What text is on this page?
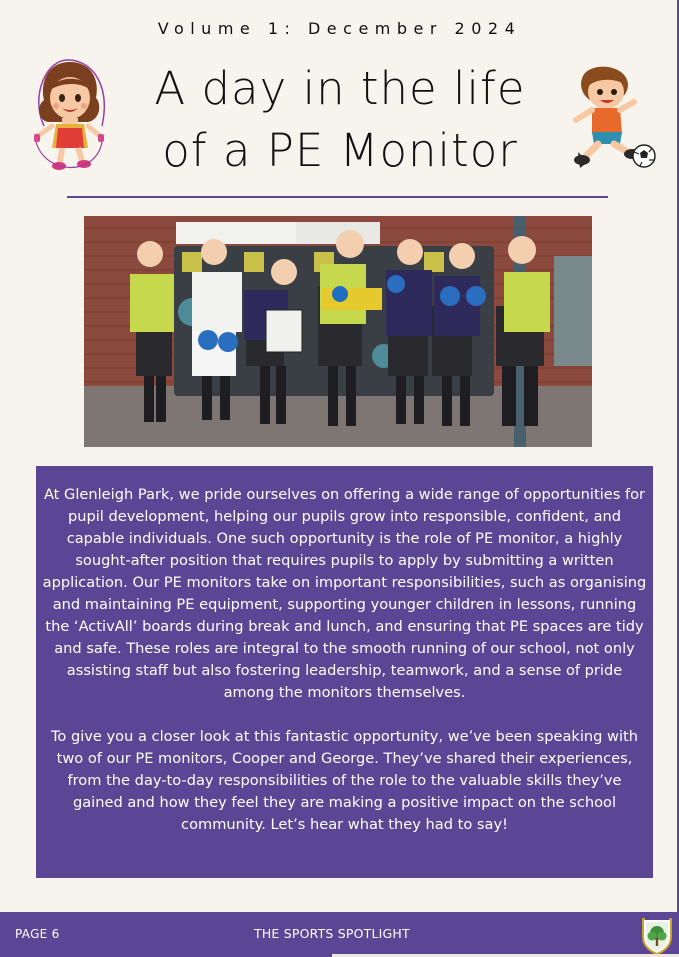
Volume 1: December 2024
A day in the life
of a PE Monitor

At Glenleigh Park, we pride ourselves on offering a wide range of opportunities for pupil development, helping our pupils grow into responsible, confident, and capable individuals. One such opportunity is the role of PE monitor, a highly sought-after position that requires pupils to apply by submitting a written application. Our PE monitors take on important responsibilities, such as organising and maintaining PE equipment, supporting younger children in lessons, running the ‘ActivAll’ boards during break and lunch, and ensuring that PE spaces are tidy and safe. These roles are integral to the smooth running of our school, not only assisting staff but also fostering leadership, teamwork, and a sense of pride among the monitors themselves.

To give you a closer look at this fantastic opportunity, we’ve been speaking with two of our PE monitors, Cooper and George. They’ve shared their experiences, from the day-to-day responsibilities of the role to the valuable skills they’ve gained and how they feel they are making a positive impact on the school community. Let’s hear what they had to say!

PAGE 6	THE SPORTS SPOTLIGHT
